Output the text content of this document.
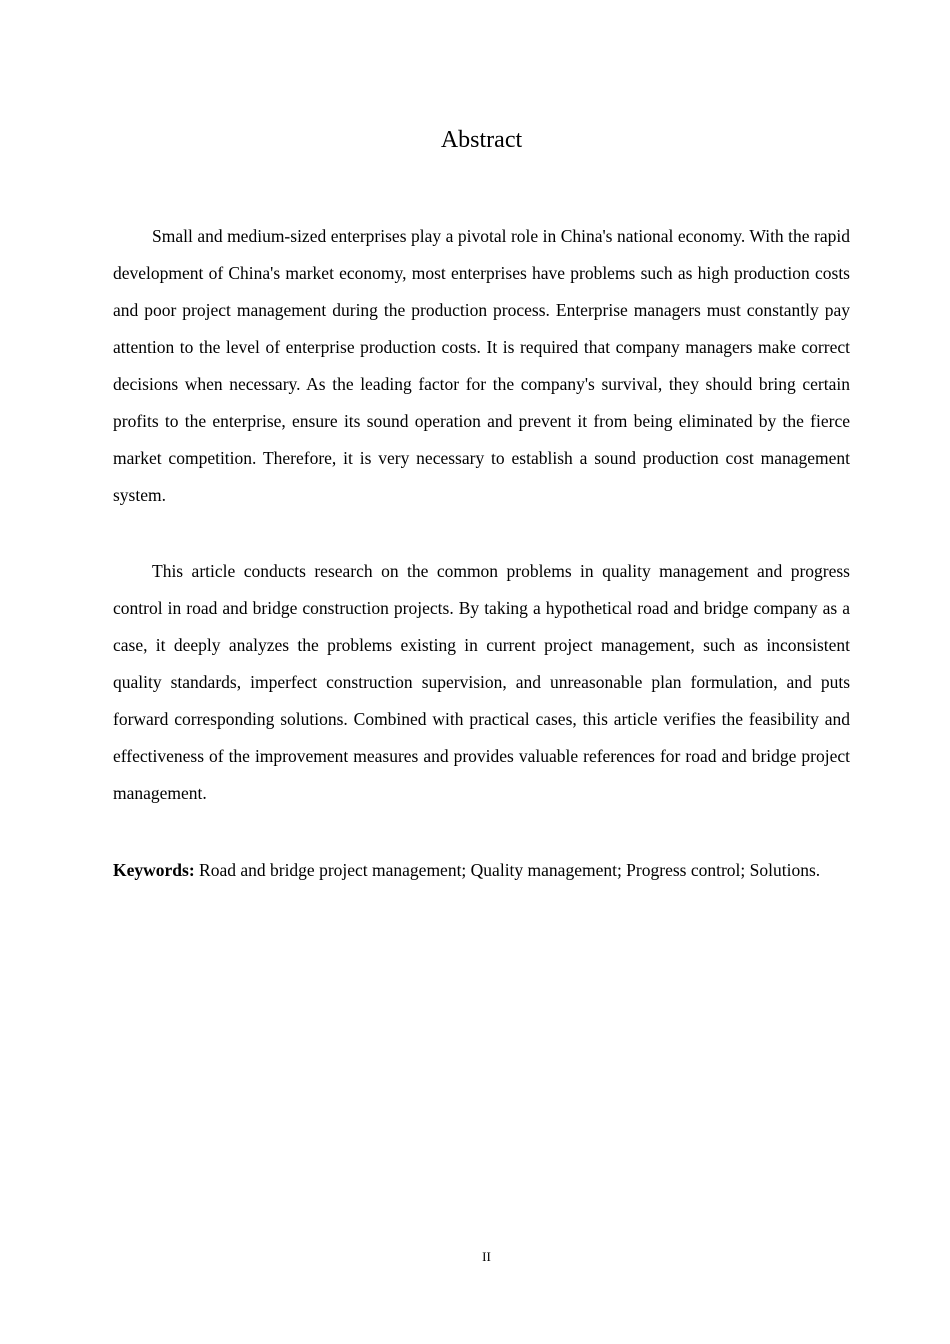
Abstract

Small and medium-sized enterprises play a pivotal role in China's national economy. With the rapid development of China's market economy, most enterprises have problems such as high production costs and poor project management during the production process. Enterprise managers must constantly pay attention to the level of enterprise production costs. It is required that company managers make correct decisions when necessary. As the leading factor for the company's survival, they should bring certain profits to the enterprise, ensure its sound operation and prevent it from being eliminated by the fierce market competition. Therefore, it is very necessary to establish a sound production cost management system.

This article conducts research on the common problems in quality management and progress control in road and bridge construction projects. By taking a hypothetical road and bridge company as a case, it deeply analyzes the problems existing in current project management, such as inconsistent quality standards, imperfect construction supervision, and unreasonable plan formulation, and puts forward corresponding solutions. Combined with practical cases, this article verifies the feasibility and effectiveness of the improvement measures and provides valuable references for road and bridge project management.

Keywords: Road and bridge project management; Quality management; Progress control; Solutions.

II
